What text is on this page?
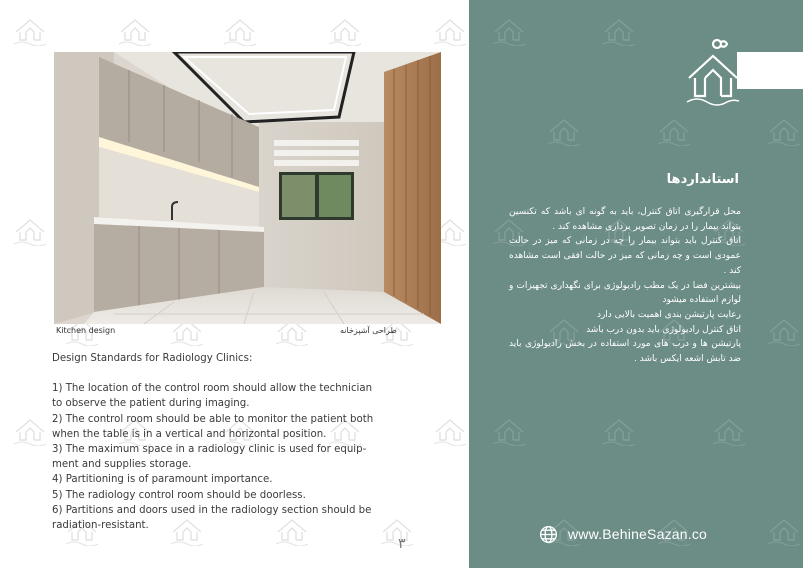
Kitchen design	طراحی آشپزخانه
Design Standards for Radiology Clinics:
1) The location of the control room should allow the technician to observe the patient during imaging.
2) The control room should be able to monitor the patient both when the table is in a vertical and horizontal position.
3) The maximum space in a radiology clinic is used for equip-ment and supplies storage.
4) Partitioning is of paramount importance.
5) The radiology control room should be doorless.
6) Partitions and doors used in the radiology section should be radiation-resistant.
۳
استانداردها

محل قرارگیری اتاق کنترل، باید به گونه ای باشد که تکنسین بتواند بیمار را در زمان تصویر برداری مشاهده کند .

اتاق کنترل باید بتواند بیمار را چه در زمانی که میز در حالت عمودی است و چه زمانی که میز در حالت افقی است مشاهده کند .

بیشترین فضا در یک مطب رادیولوژی برای نگهداری تجهیزات و لوازم استفاده میشود

رعایت پارتیشن بندی اهمیت بالایی دارد

اتاق کنترل رادیولوژی باید بدون درب باشد

پارتیشن ها و درب های مورد استفاده در بخش رادیولوژی باید ضد تابش اشعه ایکس باشد .

www.BehineSazan.co
